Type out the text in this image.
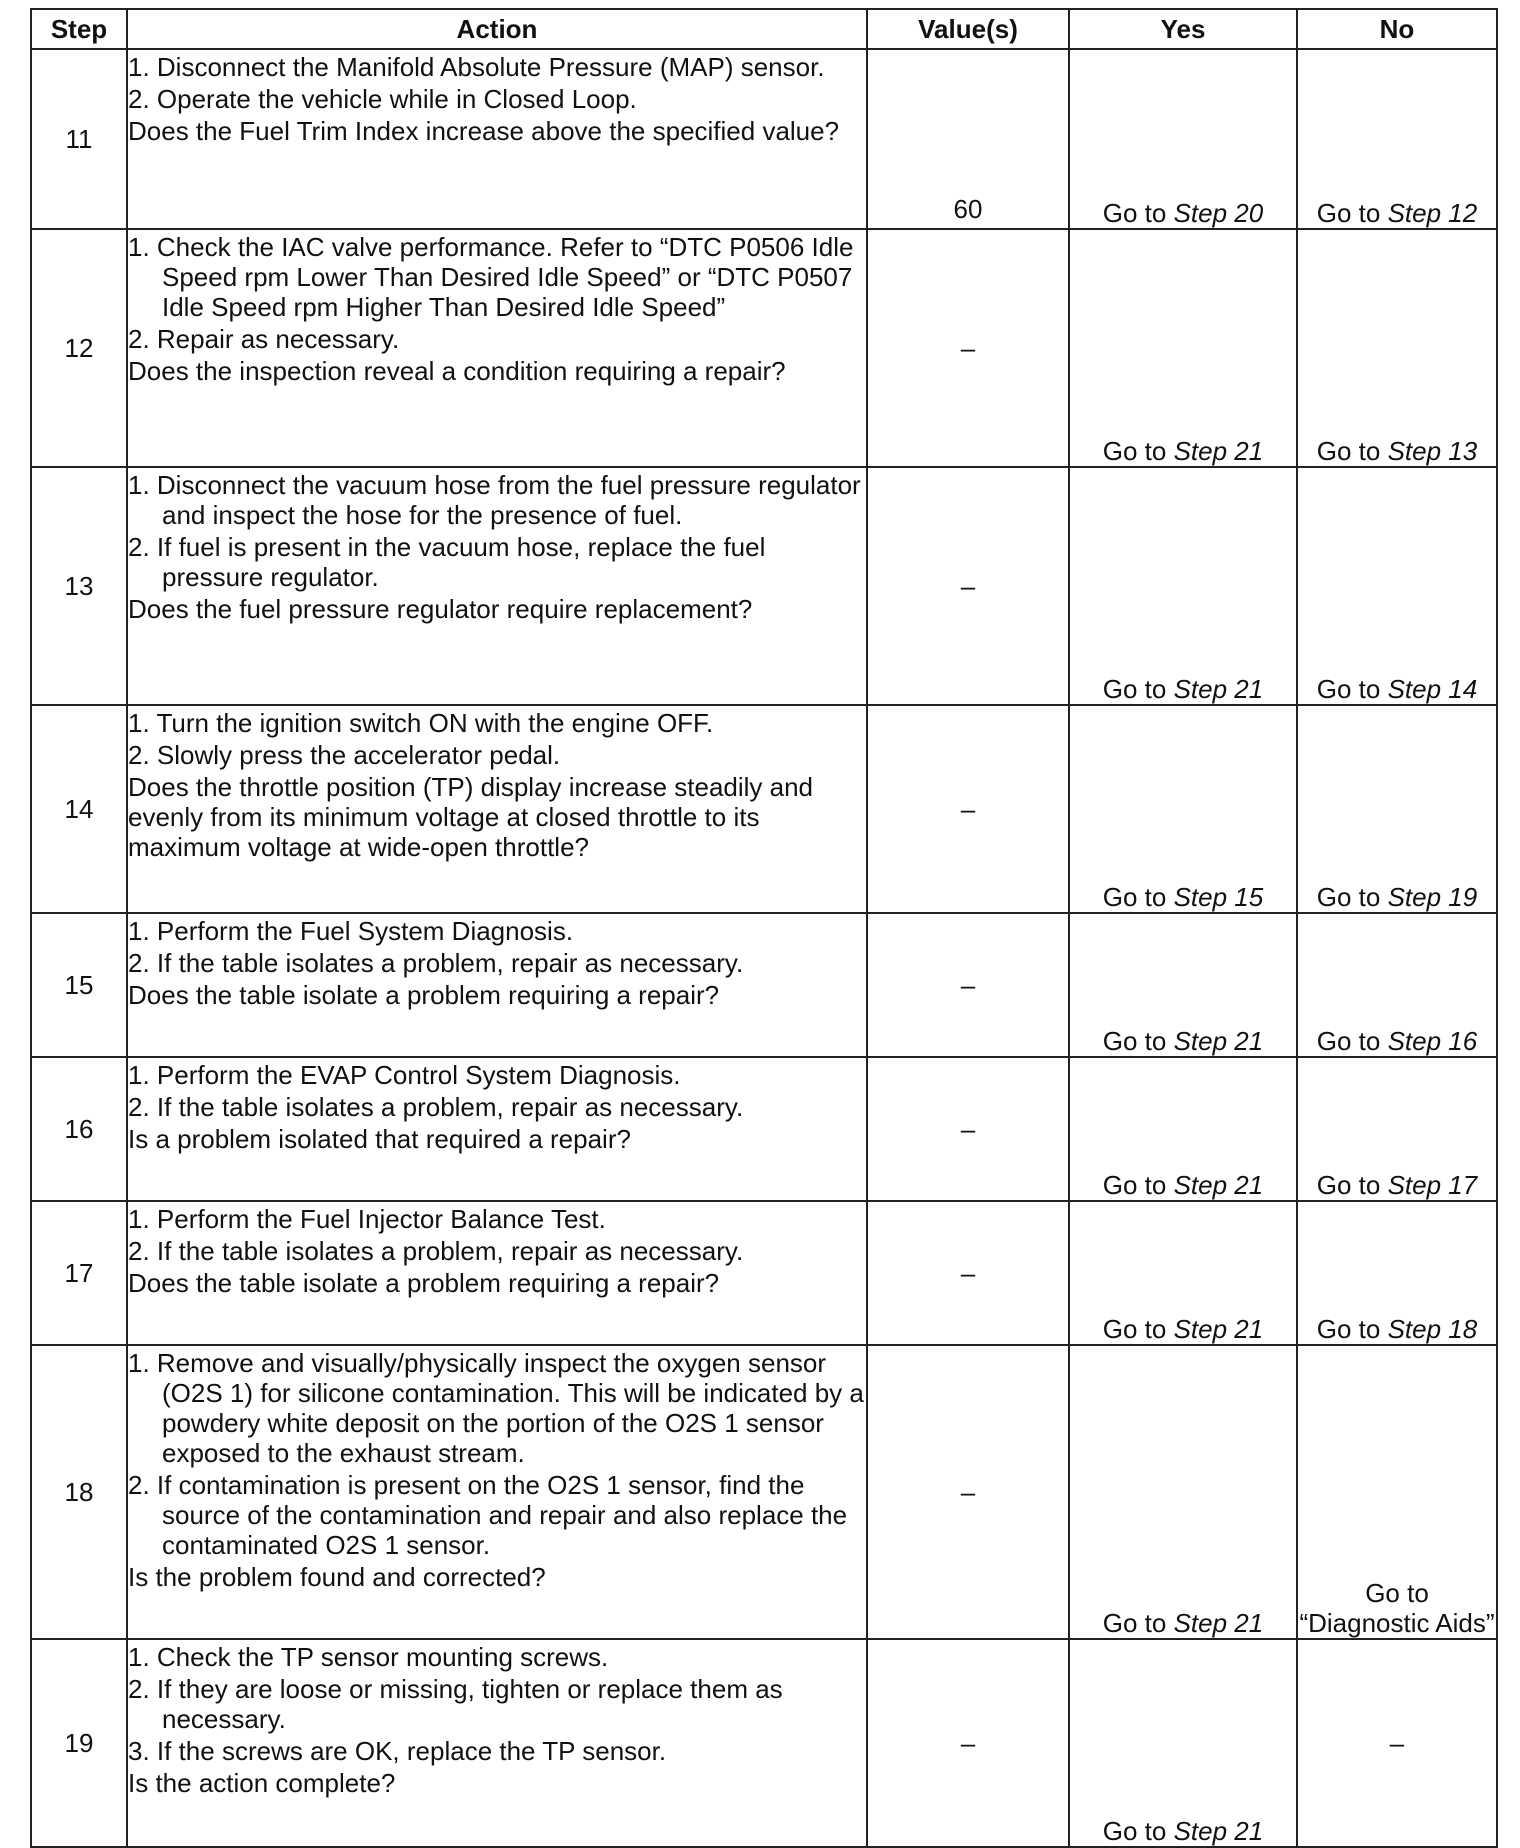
Step	Action	Value(s)	Yes	No
11	1. Disconnect the Manifold Absolute Pressure (MAP) sensor.
2. Operate the vehicle while in Closed Loop.
Does the Fuel Trim Index increase above the specified value?	60	Go to Step 20	Go to Step 12
12	1. Check the IAC valve performance. Refer to “DTC P0506 Idle Speed rpm Lower Than Desired Idle Speed” or “DTC P0507 Idle Speed rpm Higher Than Desired Idle Speed”
2. Repair as necessary.
Does the inspection reveal a condition requiring a repair?	–	Go to Step 21	Go to Step 13
13	1. Disconnect the vacuum hose from the fuel pressure regulator and inspect the hose for the presence of fuel.
2. If fuel is present in the vacuum hose, replace the fuel pressure regulator.
Does the fuel pressure regulator require replacement?	–	Go to Step 21	Go to Step 14
14	1. Turn the ignition switch ON with the engine OFF.
2. Slowly press the accelerator pedal.
Does the throttle position (TP) display increase steadily and evenly from its minimum voltage at closed throttle to its maximum voltage at wide-open throttle?	–	Go to Step 15	Go to Step 19
15	1. Perform the Fuel System Diagnosis.
2. If the table isolates a problem, repair as necessary.
Does the table isolate a problem requiring a repair?	–	Go to Step 21	Go to Step 16
16	1. Perform the EVAP Control System Diagnosis.
2. If the table isolates a problem, repair as necessary.
Is a problem isolated that required a repair?	–	Go to Step 21	Go to Step 17
17	1. Perform the Fuel Injector Balance Test.
2. If the table isolates a problem, repair as necessary.
Does the table isolate a problem requiring a repair?	–	Go to Step 21	Go to Step 18
18	1. Remove and visually/physically inspect the oxygen sensor (O2S 1) for silicone contamination. This will be indicated by a powdery white deposit on the portion of the O2S 1 sensor exposed to the exhaust stream.
2. If contamination is present on the O2S 1 sensor, find the source of the contamination and repair and also replace the contaminated O2S 1 sensor.
Is the problem found and corrected?	–	Go to Step 21	Go to “Diagnostic Aids”

19	1. Check the TP sensor mounting screws.
2. If they are loose or missing, tighten or replace them as necessary.
3. If the screws are OK, replace the TP sensor.
Is the action complete?	–	Go to Step 21	–
